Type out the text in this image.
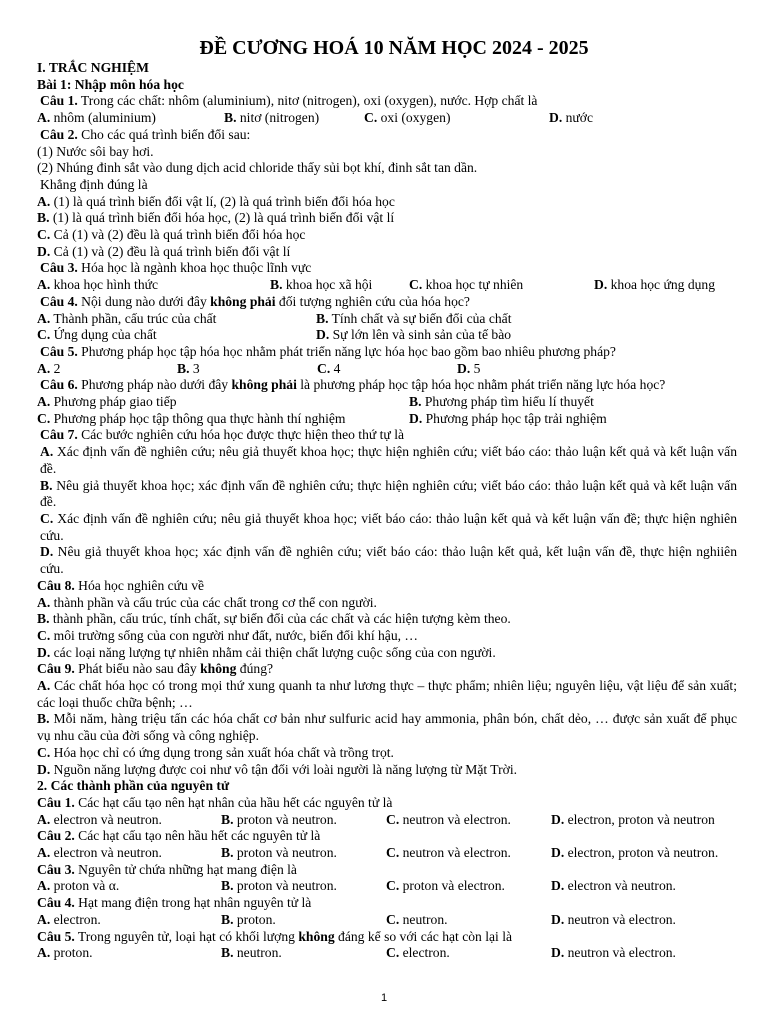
ĐỀ CƯƠNG HOÁ 10 NĂM HỌC 2024 - 2025
I. TRẮC NGHIỆM
Bài 1: Nhập môn hóa học
Câu 1. Trong các chất: nhôm (aluminium), nitơ (nitrogen), oxi (oxygen), nước. Hợp chất là
A. nhôm (aluminium)	B. nitơ (nitrogen)	C. oxi (oxygen)	D. nước
Câu 2. Cho các quá trình biến đổi sau:
(1) Nước sôi bay hơi.
(2) Nhúng đinh sắt vào dung dịch acid chloride thấy sủi bọt khí, đinh sắt tan dần.
Khẳng định đúng là
A. (1) là quá trình biến đổi vật lí, (2) là quá trình biến đổi hóa học
B. (1) là quá trình biến đổi hóa học, (2) là quá trình biến đổi vật lí
C. Cả (1) và (2) đều là quá trình biến đổi hóa học
D. Cả (1) và (2) đều là quá trình biến đổi vật lí
Câu 3. Hóa học là ngành khoa học thuộc lĩnh vực
A. khoa học hình thức	B. khoa học xã hội	C. khoa học tự nhiên	D. khoa học ứng dụng
Câu 4. Nội dung nào dưới đây không phải đối tượng nghiên cứu của hóa học?
A. Thành phần, cấu trúc của chất	B. Tính chất và sự biến đổi của chất
C. Ứng dụng của chất	D. Sự lớn lên và sinh sản của tế bào
Câu 5. Phương pháp học tập hóa học nhằm phát triển năng lực hóa học bao gồm bao nhiêu phương pháp?
A. 2	B. 3	C. 4	D. 5
Câu 6. Phương pháp nào dưới đây không phải là phương pháp học tập hóa học nhằm phát triển năng lực hóa học?
A. Phương pháp giao tiếp	B. Phương pháp tìm hiểu lí thuyết
C. Phương pháp học tập thông qua thực hành thí nghiệm	D. Phương pháp học tập trải nghiệm
Câu 7. Các bước nghiên cứu hóa học được thực hiện theo thứ tự là
A. Xác định vấn đề nghiên cứu; nêu giả thuyết khoa học; thực hiện nghiên cứu; viết báo cáo: thảo luận kết quả và kết luận vấn đề.
B. Nêu giả thuyết khoa học; xác định vấn đề nghiên cứu; thực hiện nghiên cứu; viết báo cáo: thảo luận kết quả và kết luận vấn đề.
C. Xác định vấn đề nghiên cứu; nêu giả thuyết khoa học; viết báo cáo: thảo luận kết quả và kết luận vấn đề; thực hiện nghiên cứu.
D. Nêu giả thuyết khoa học; xác định vấn đề nghiên cứu; viết báo cáo: thảo luận kết quả, kết luận vấn đề, thực hiện nghiiên cứu.
Câu 8. Hóa học nghiên cứu về
A. thành phần và cấu trúc của các chất trong cơ thể con người.
B. thành phần, cấu trúc, tính chất, sự biến đổi của các chất và các hiện tượng kèm theo.
C. môi trường sống của con người như đất, nước, biến đổi khí hậu, …
D. các loại năng lượng tự nhiên nhằm cải thiện chất lượng cuộc sống của con người.
Câu 9. Phát biểu nào sau đây không đúng?
A. Các chất hóa học có trong mọi thứ xung quanh ta như lương thực – thực phẩm; nhiên liệu; nguyên liệu, vật liệu để sản xuất; các loại thuốc chữa bệnh; …
B. Mỗi năm, hàng triệu tấn các hóa chất cơ bản như sulfuric acid hay ammonia, phân bón, chất dẻo, … được sản xuất để phục vụ nhu cầu của đời sống và công nghiệp.
C. Hóa học chỉ có ứng dụng trong sản xuất hóa chất và trồng trọt.
D. Nguồn năng lượng được coi như vô tận đối với loài người là năng lượng từ Mặt Trời.
2. Các thành phần của nguyên tử
Câu 1. Các hạt cấu tạo nên hạt nhân của hầu hết các nguyên tử là
A. electron và neutron.	B. proton và neutron.	C. neutron và electron.	D. electron, proton và neutron
Câu 2. Các hạt cấu tạo nên hầu hết các nguyên tử là
A. electron và neutron.	B. proton và neutron.	C. neutron và electron.	D. electron, proton và neutron.
Câu 3. Nguyên tử chứa những hạt mang điện là
A. proton và α.	B. proton và neutron.	C. proton và electron.	D. electron và neutron.
Câu 4. Hạt mang điện trong hạt nhân nguyên tử là
A. electron.	B. proton.	C. neutron.	D. neutron và electron.
Câu 5. Trong nguyên tử, loại hạt có khối lượng không đáng kể so với các hạt còn lại là
A. proton.	B. neutron.	C. electron.	D. neutron và electron.
1
